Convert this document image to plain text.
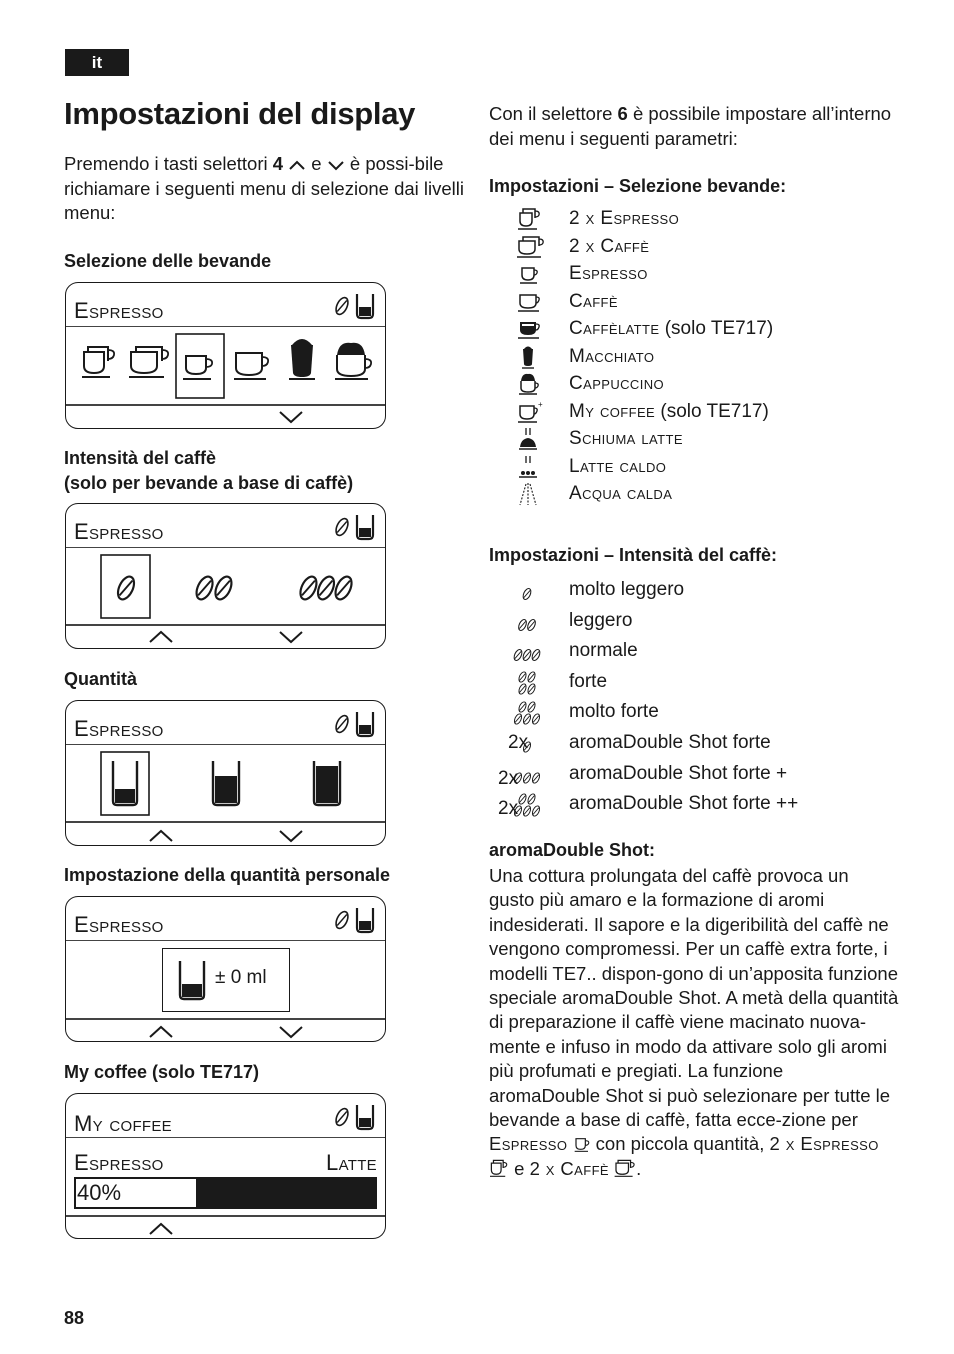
it
Impostazioni del display
Premendo i tasti selettori 4  e  è possi-bile richiamare i seguenti menu di selezione dai livelli menu:
Selezione delle bevande
Espresso
Intensità del caffè
(solo per bevande a base di caffè)
Espresso
Quantità
Espresso
Impostazione della quantità personale
Espresso
± 0 ml
My coffee (solo TE717)
My coffee
Espresso	Latte
40%
Con il selettore 6 è possibile impostare all’interno dei menu i seguenti parametri:
Impostazioni – Selezione bevande:
2 x Espresso
2 x Caffè
Espresso
Caffè
Caffèlatte (solo TE717)
Macchiato
Cappuccino
+ My coffee (solo TE717)
Schiuma latte
Latte caldo
Acqua calda
Impostazioni – Intensità del caffè:
molto leggero
leggero
normale
forte
molto forte
2x aromaDouble Shot forte
2x	aromaDouble Shot forte +
2x	aromaDouble Shot forte ++
aromaDouble Shot:
Una cottura prolungata del caffè provoca un gusto più amaro e la formazione di aromi indesiderati. Il sapore e la digeribilità del caffè ne vengono compromessi. Per un caffè extra forte, i modelli TE7.. dispon-gono di un’apposita funzione speciale aromaDouble Shot. A metà della quantità di preparazione il caffè viene macinato nuova-mente e infuso in modo da attivare solo gli aromi più profumati e pregiati. La funzione aromaDouble Shot si può selezionare per tutte le bevande a base di caffè, fatta ecce-zione per Espresso  con piccola quantità, 2 x Espresso  e 2 x Caffè .
88
